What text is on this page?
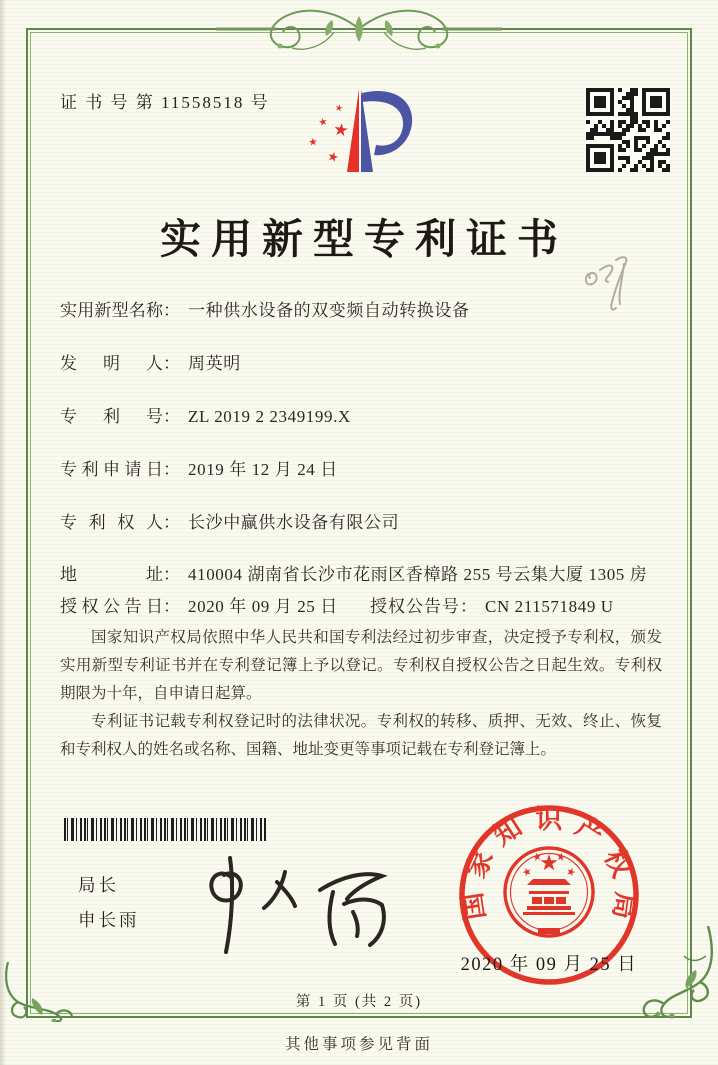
证 书 号 第 11558518 号
实用新型专利证书
实用新型名称： 一种供水设备的双变频自动转换设备
发明人： 周英明
专利号： ZL 2019 2 2349199.X
专利申请日： 2019 年 12 月 24 日
专利权人： 长沙中赢供水设备有限公司
地址： 410004 湖南省长沙市花雨区香樟路 255 号云集大厦 1305 房
授权公告日： 2020 年 09 月 25 日 授权公告号： CN 211571849 U

国家知识产权局依照中华人民共和国专利法经过初步审查，决定授予专利权，颁发实用新型专利证书并在专利登记簿上予以登记。专利权自授权公告之日起生效。专利权期限为十年，自申请日起算。

专利证书记载专利权登记时的法律状况。专利权的转移、质押、无效、终止、恢复和专利权人的姓名或名称、国籍、地址变更等事项记载在专利登记簿上。

局长
申长雨	国家知识产权局
2020 年 09 月 25 日
第 1 页 (共 2 页)
其他事项参见背面
